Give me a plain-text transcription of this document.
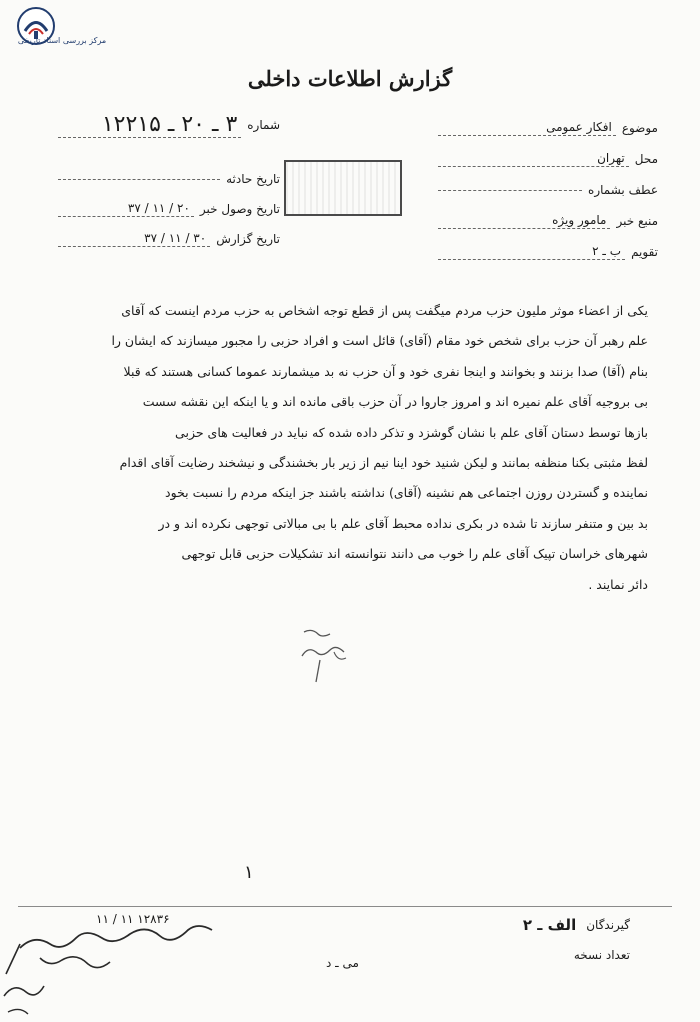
مرکز بررسی اسناد تاریخی
گزارش اطلاعات داخلی
موضوع
افکار عمومی
محل
تهران
عطف بشماره
منبع خبر
مامور ویژه
تقویم
ب ـ ۲
شماره
۳ ـ ۲۰ ـ ۱۲۲۱۵
تاریخ حادثه
تاریخ وصول خبر
۲۰ / ۱۱ / ۳۷
تاریخ گزارش
۳۰ / ۱۱ / ۳۷
یکی از اعضاء موثر مليون حزب مردم میگفت پس از قطع توجه اشخاص به حزب مردم اینست که آقای
علم رهبر آن حزب برای شخص خود مقام (آقای) قائل است و افراد حزبی را مجبور میسازند که ایشان را
بنام (آقا) صدا بزنند و بخوانند و اینجا نفری خود و آن حزب نه بد میشمارند عموما کسانی هستند که قبلا
بی بروجیه آقای علم نمیره اند و امروز جاروا در آن حزب باقی مانده اند و یا اینکه این نقشه سست
بازها توسط دستان آقای علم با نشان گوشزد و تذکر داده شده که نباید در فعالیت های حزبی
لفظ مثبتی بکنا منظفه بمانند و لیکن شنید خود اینا نیم از زیر بار بخشندگی و نیشخند رضایت آقای اقدام
نماینده و گستردن روزن اجتماعی هم نشینه (آقای) نداشته باشند جز اینکه مردم را نسبت بخود
بد بین و متنفر سازند تا شده در بکری نداده محبط آقای علم با بی مبالاتی توجهی نکرده اند و در
شهرهای خراسان تپیک آقای علم را خوب می دانند نتوانسته اند تشکیلات حزبی قابل توجهی
دائر نمایند .
۱
۱۲۸۳۶ ۱۱ / ۱۱	گیرندگان
الف ـ ۲
تعداد نسخه
می ـ د
